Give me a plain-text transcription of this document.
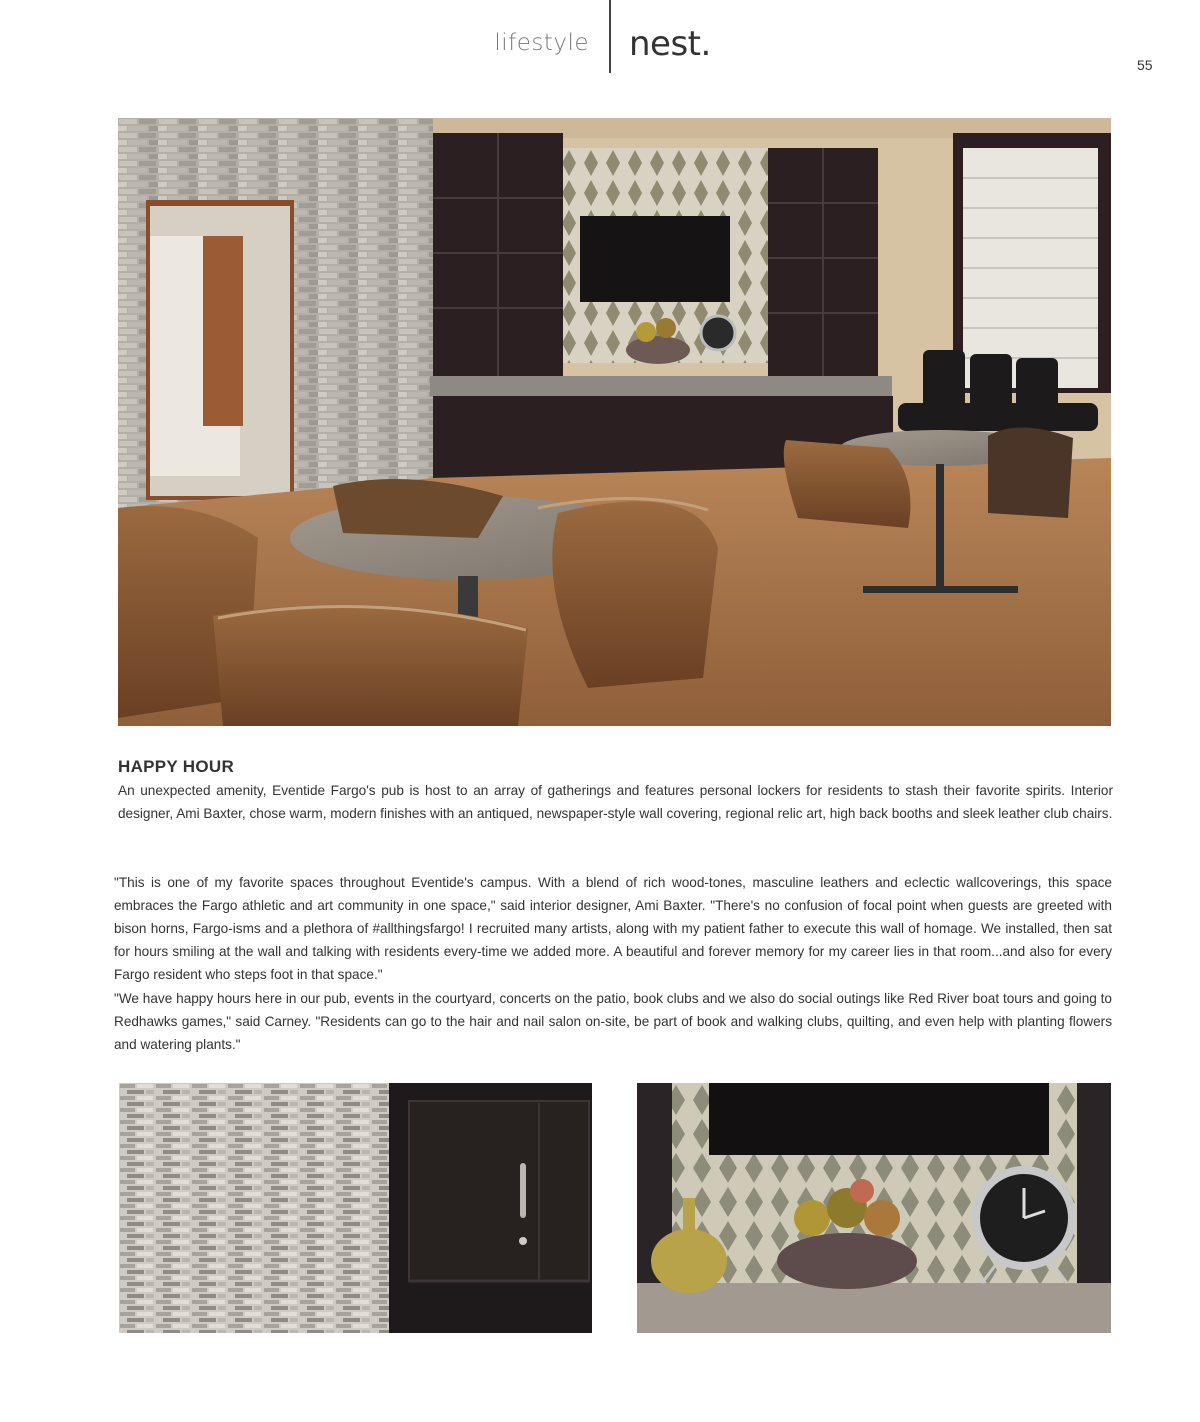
lifestyle nest.
55
HAPPY HOUR

An unexpected amenity, Eventide Fargo's pub is host to an array of gatherings and features personal lockers for residents to stash their favorite spirits. Interior designer, Ami Baxter, chose warm, modern finishes with an antiqued, newspaper-style wall covering, regional relic art, high back booths and sleek leather club chairs.

"This is one of my favorite spaces throughout Eventide's campus. With a blend of rich wood-tones, masculine leathers and eclectic wallcoverings, this space embraces the Fargo athletic and art community in one space," said interior designer, Ami Baxter. "There's no confusion of focal point when guests are greeted with bison horns, Fargo-isms and a plethora of #allthingsfargo! I recruited many artists, along with my patient father to execute this wall of homage. We installed, then sat for hours smiling at the wall and talking with residents every-time we added more. A beautiful and forever memory for my career lies in that room...and also for every Fargo resident who steps foot in that space."

"We have happy hours here in our pub, events in the courtyard, concerts on the patio, book clubs and we also do social outings like Red River boat tours and going to Redhawks games," said Carney. "Residents can go to the hair and nail salon on-site, be part of book and walking clubs, quilting, and even help with planting flowers and watering plants."
